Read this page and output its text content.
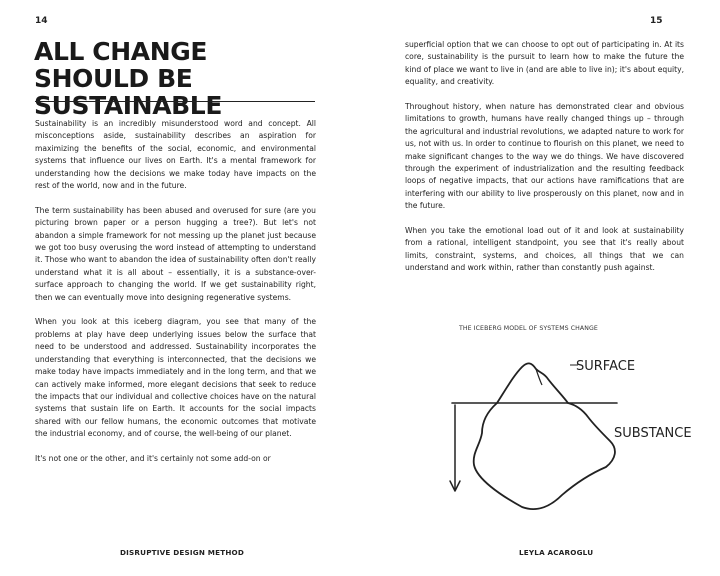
14
ALL CHANGE SHOULD BE SUSTAINABLE

Sustainability is an incredibly misunderstood word and concept. All misconceptions aside, sustainability describes an aspiration for maximizing the benefits of the social, economic, and environmental systems that influence our lives on Earth. It's a mental framework for understanding how the decisions we make today have impacts on the rest of the world, now and in the future.

The term sustainability has been abused and overused for sure (are you picturing brown paper or a person hugging a tree?). But let's not abandon a simple framework for not messing up the planet just because we got too busy overusing the word instead of attempting to understand it. Those who want to abandon the idea of sustainability often don't really understand what it is all about – essentially, it is a substance-over-surface approach to changing the world. If we get sustainability right, then we can eventually move into designing regenerative systems.

When you look at this iceberg diagram, you see that many of the problems at play have deep underlying issues below the surface that need to be understood and addressed. Sustainability incorporates the understanding that everything is interconnected, that the decisions we make today have impacts immediately and in the long term, and that we can actively make informed, more elegant decisions that seek to reduce the impacts that our individual and collective choices have on the natural systems that sustain life on Earth. It accounts for the social impacts shared with our fellow humans, the economic outcomes that motivate the industrial economy, and of course, the well-being of our planet.

It's not one or the other, and it's certainly not some add-on or

DISRUPTIVE DESIGN METHOD
15

superficial option that we can choose to opt out of participating in. At its core, sustainability is the pursuit to learn how to make the future the kind of place we want to live in (and are able to live in); it's about equity, equality, and creativity.

Throughout history, when nature has demonstrated clear and obvious limitations to growth, humans have really changed things up – through the agricultural and industrial revolutions, we adapted nature to work for us, not with us. In order to continue to flourish on this planet, we need to make significant changes to the way we do things. We have discovered through the experiment of industrialization and the resulting feedback loops of negative impacts, that our actions have ramifications that are interfering with our ability to live prosperously on this planet, now and in the future.

When you take the emotional load out of it and look at sustainability from a rational, intelligent standpoint, you see that it's really about limits, constraint, systems, and choices, all things that we can understand and work within, rather than constantly push against.

THE ICEBERG MODEL OF SYSTEMS CHANGE
SURFACE
SUBSTANCE
LEYLA ACAROGLU
